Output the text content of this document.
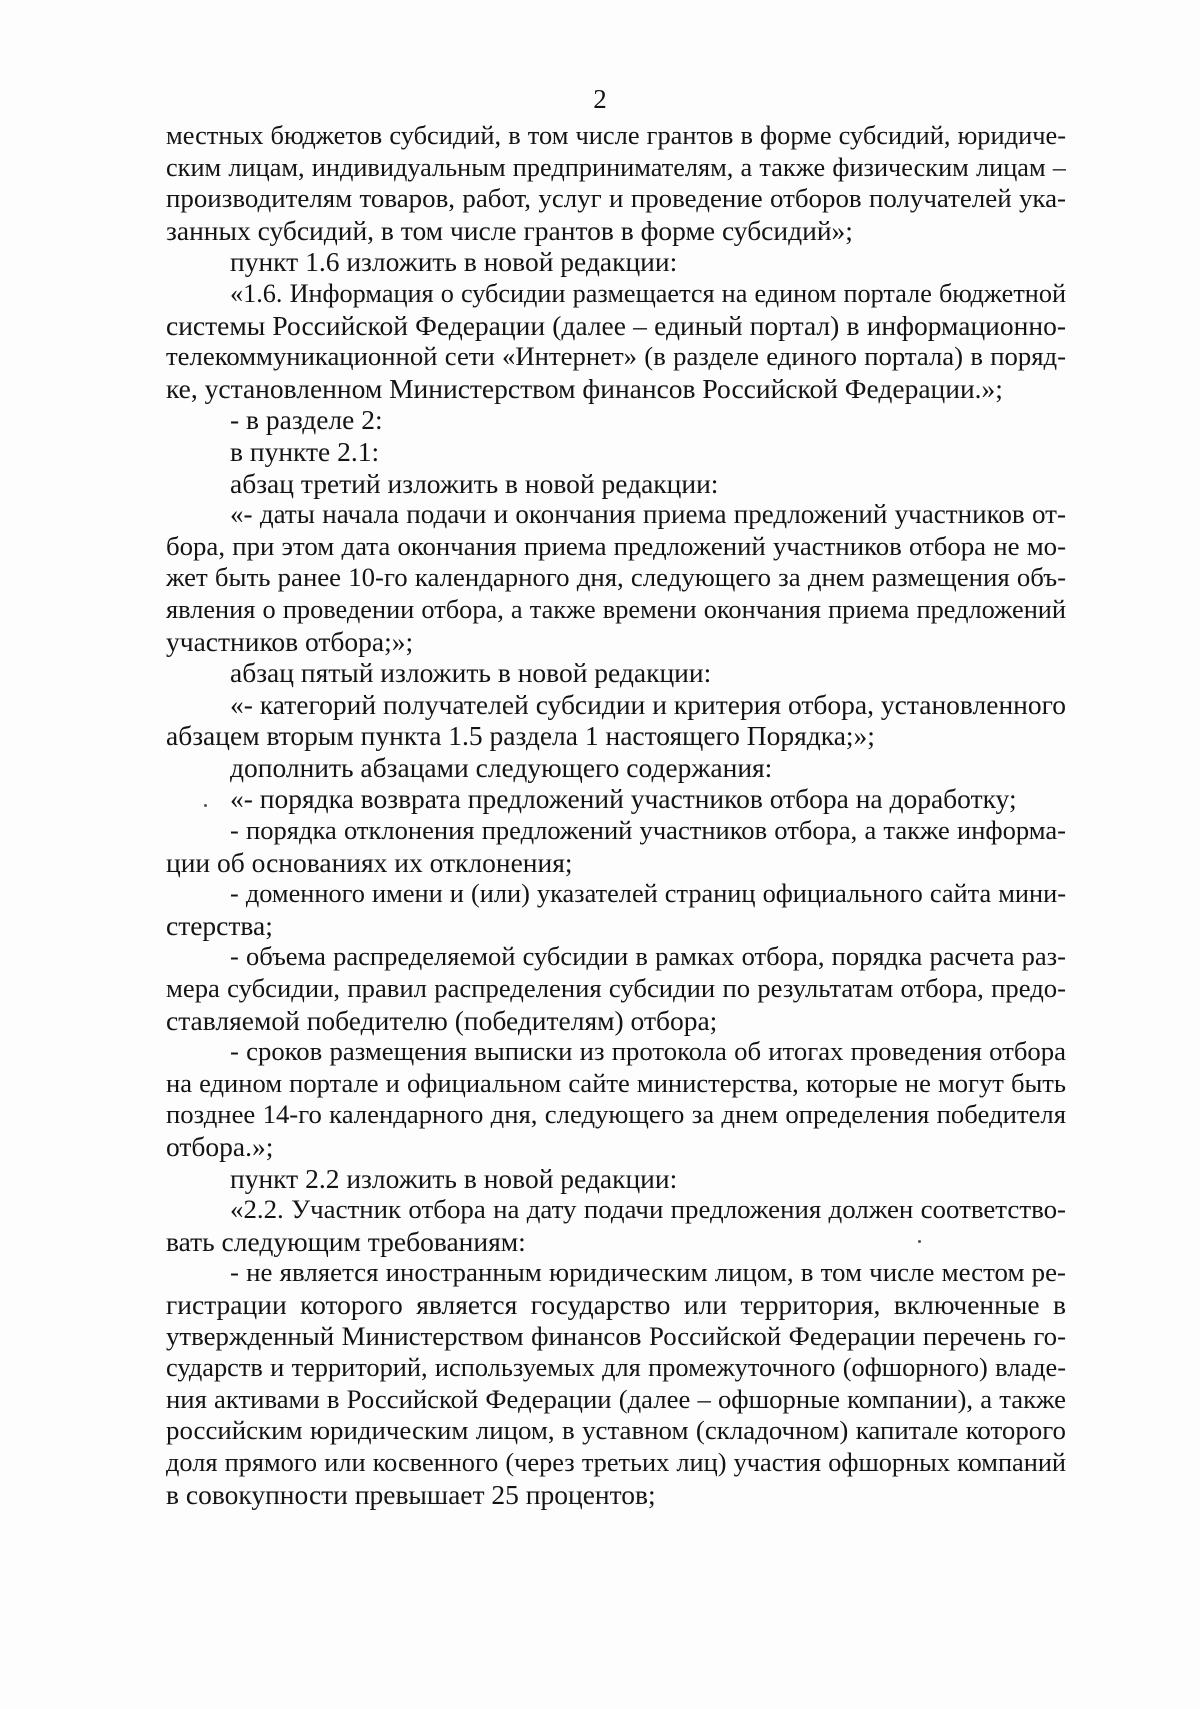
2
местных бюджетов субсидий, в том числе грантов в форме субсидий, юридиче-
ским лицам, индивидуальным предпринимателям, а также физическим лицам –
производителям товаров, работ, услуг и проведение отборов получателей ука-
занных субсидий, в том числе грантов в форме субсидий»;
пункт 1.6 изложить в новой редакции:
«1.6. Информация о субсидии размещается на едином портале бюджетной
системы Российской Федерации (далее – единый портал) в информационно-
телекоммуникационной сети «Интернет» (в разделе единого портала) в поряд-
ке, установленном Министерством финансов Российской Федерации.»;
- в разделе 2:
в пункте 2.1:
абзац третий изложить в новой редакции:
«- даты начала подачи и окончания приема предложений участников от-
бора, при этом дата окончания приема предложений участников отбора не мо-
жет быть ранее 10-го календарного дня, следующего за днем размещения объ-
явления о проведении отбора, а также времени окончания приема предложений
участников отбора;»;
абзац пятый изложить в новой редакции:
«- категорий получателей субсидии и критерия отбора, установленного
абзацем вторым пункта 1.5 раздела 1 настоящего Порядка;»;
дополнить абзацами следующего содержания:
«- порядка возврата предложений участников отбора на доработку;
- порядка отклонения предложений участников отбора, а также информа-
ции об основаниях их отклонения;
- доменного имени и (или) указателей страниц официального сайта мини-
стерства;
- объема распределяемой субсидии в рамках отбора, порядка расчета раз-
мера субсидии, правил распределения субсидии по результатам отбора, предо-
ставляемой победителю (победителям) отбора;
- сроков размещения выписки из протокола об итогах проведения отбора
на едином портале и официальном сайте министерства, которые не могут быть
позднее 14-го календарного дня, следующего за днем определения победителя
отбора.»;
пункт 2.2 изложить в новой редакции:
«2.2. Участник отбора на дату подачи предложения должен соответство-
вать следующим требованиям:
- не является иностранным юридическим лицом, в том числе местом ре-
гистрации которого является государство или территория, включенные в
утвержденный Министерством финансов Российской Федерации перечень го-
сударств и территорий, используемых для промежуточного (офшорного) владе-
ния активами в Российской Федерации (далее – офшорные компании), а также
российским юридическим лицом, в уставном (складочном) капитале которого
доля прямого или косвенного (через третьих лиц) участия офшорных компаний
в совокупности превышает 25 процентов;
